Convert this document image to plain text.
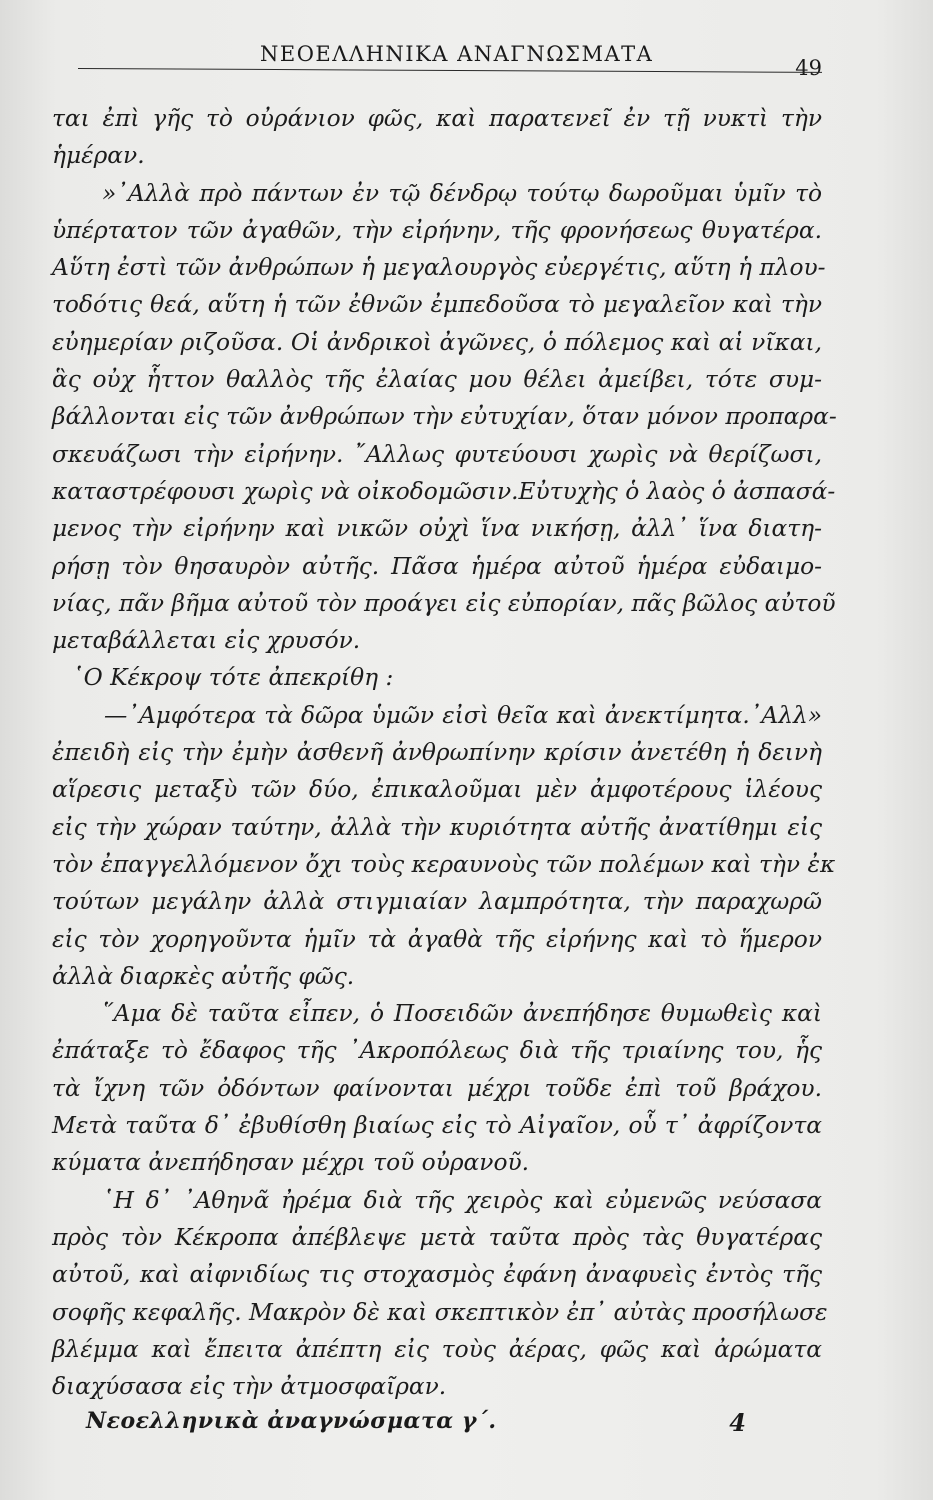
ΝΕΟΕΛΛΗΝΙΚΑ ΑΝΑΓΝΩΣΜΑΤΑ
49
ται ἐπὶ γῆς τὸ οὐράνιον φῶς, καὶ παρατενεῖ ἐν τῇ νυκτὶ τὴν
ἡμέραν.
»᾿Αλλὰ πρὸ πάντων ἐν τῷ δένδρῳ τούτῳ δωροῦμαι ὑμῖν τὸ
ὑπέρτατον τῶν ἀγαθῶν, τὴν εἰρήνην, τῆς φρονήσεως θυγατέρα.
Αὕτη ἐστὶ τῶν ἀνθρώπων ἡ μεγαλουργὸς εὐεργέτις, αὕτη ἡ πλου-
τοδότις θεά, αὕτη ἡ τῶν ἐθνῶν ἐμπεδοῦσα τὸ μεγαλεῖον καὶ τὴν
εὐημερίαν ριζοῦσα. Οἱ ἀνδρικοὶ ἀγῶνες, ὁ πόλεμος καὶ αἱ νῖκαι,
ἃς οὐχ ἧττον θαλλὸς τῆς ἐλαίας μου θέλει ἀμείβει, τότε συμ-
βάλλονται εἰς τῶν ἀνθρώπων τὴν εὐτυχίαν, ὅταν μόνον προπαρα-
σκευάζωσι τὴν εἰρήνην. ῎Αλλως φυτεύουσι χωρὶς νὰ θερίζωσι,
καταστρέφουσι χωρὶς νὰ οἰκοδομῶσιν.Εὐτυχὴς ὁ λαὸς ὁ ἀσπασά-
μενος τὴν εἰρήνην καὶ νικῶν οὐχὶ ἵνα νικήσῃ, ἀλλ᾿ ἵνα διατη-
ρήσῃ τὸν θησαυρὸν αὐτῆς. Πᾶσα ἡμέρα αὐτοῦ ἡμέρα εὐδαιμο-
νίας, πᾶν βῆμα αὐτοῦ τὸν προάγει εἰς εὐπορίαν, πᾶς βῶλος αὐτοῦ
μεταβάλλεται εἰς χρυσόν.
῾Ο Κέκροψ τότε ἀπεκρίθη :
—᾿Αμφότερα τὰ δῶρα ὑμῶν εἰσὶ θεῖα καὶ ἀνεκτίμητα.᾿Αλλ»
ἐπειδὴ εἰς τὴν ἐμὴν ἀσθενῆ ἀνθρωπίνην κρίσιν ἀνετέθη ἡ δεινὴ
αἵρεσις μεταξὺ τῶν δύο, ἐπικαλοῦμαι μὲν ἀμφοτέρους ἱλέους
εἰς τὴν χώραν ταύτην, ἀλλὰ τὴν κυριότητα αὐτῆς ἀνατίθημι εἰς
τὸν ἐπαγγελλόμενον ὄχι τοὺς κεραυνοὺς τῶν πολέμων καὶ τὴν ἐκ
τούτων μεγάλην ἀλλὰ στιγμιαίαν λαμπρότητα, τὴν παραχωρῶ
εἰς τὸν χορηγοῦντα ἡμῖν τὰ ἀγαθὰ τῆς εἰρήνης καὶ τὸ ἥμερον
ἀλλὰ διαρκὲς αὐτῆς φῶς.
῞Αμα δὲ ταῦτα εἶπεν, ὁ Ποσειδῶν ἀνεπήδησε θυμωθεὶς καὶ
ἐπάταξε τὸ ἔδαφος τῆς ᾿Ακροπόλεως διὰ τῆς τριαίνης του, ἧς
τὰ ἴχνη τῶν ὀδόντων φαίνονται μέχρι τοῦδε ἐπὶ τοῦ βράχου.
Μετὰ ταῦτα δ᾿ ἐβυθίσθη βιαίως εἰς τὸ Αἰγαῖον, οὗ τ᾿ ἀφρίζοντα
κύματα ἀνεπήδησαν μέχρι τοῦ οὐρανοῦ.
῾Η δ᾿ ᾿Αθηνᾶ ἠρέμα διὰ τῆς χειρὸς καὶ εὐμενῶς νεύσασα
πρὸς τὸν Κέκροπα ἀπέβλεψε μετὰ ταῦτα πρὸς τὰς θυγατέρας
αὐτοῦ, καὶ αἰφνιδίως τις στοχασμὸς ἐφάνη ἀναφυεὶς ἐντὸς τῆς
σοφῆς κεφαλῆς. Μακρὸν δὲ καὶ σκεπτικὸν ἐπ᾿ αὐτὰς προσήλωσε
βλέμμα καὶ ἔπειτα ἀπέπτη εἰς τοὺς ἀέρας, φῶς καὶ ἀρώματα
διαχύσασα εἰς τὴν ἀτμοσφαῖραν.
Νεοελληνικὰ ἀναγνώσματα γ΄.	4
